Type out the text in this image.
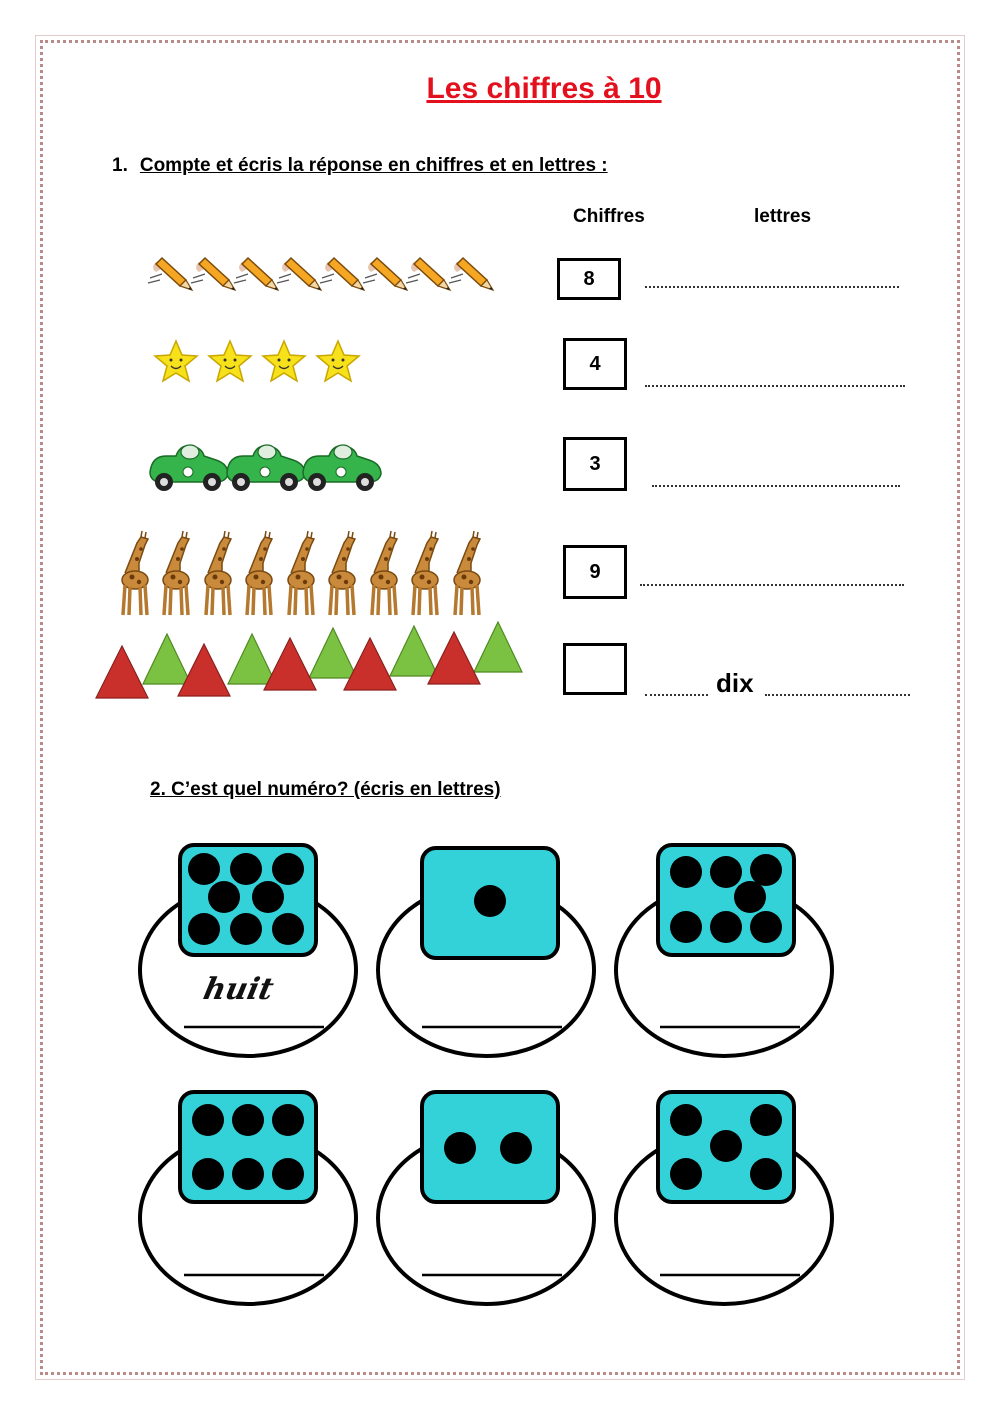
Les chiffres à 10
1. Compte et écris la réponse en chiffres et en lettres :
Chiffres	lettres
8
4
3
9
dix
2. C’est quel numéro? (écris en lettres)
huit
